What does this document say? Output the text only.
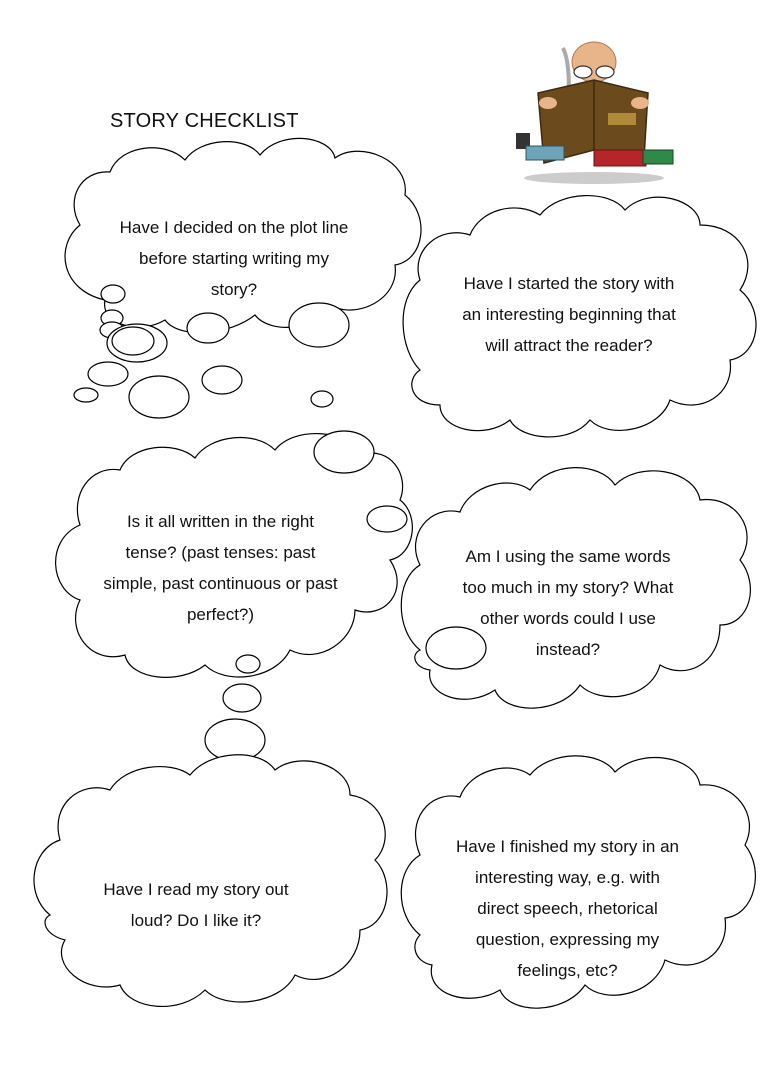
STORY CHECKLIST
Have I decided on the plot line before starting writing my story?	Have I started the story with an interesting beginning that will attract the reader?
Is it all written in the right tense? (past tenses: past simple, past continuous or past perfect?)
Am I using the same words too much in my story? What other words could I use instead?
Have I read my story out loud? Do I like it?
Have I finished my story in an interesting way, e.g. with direct speech, rhetorical question, expressing my feelings, etc?
